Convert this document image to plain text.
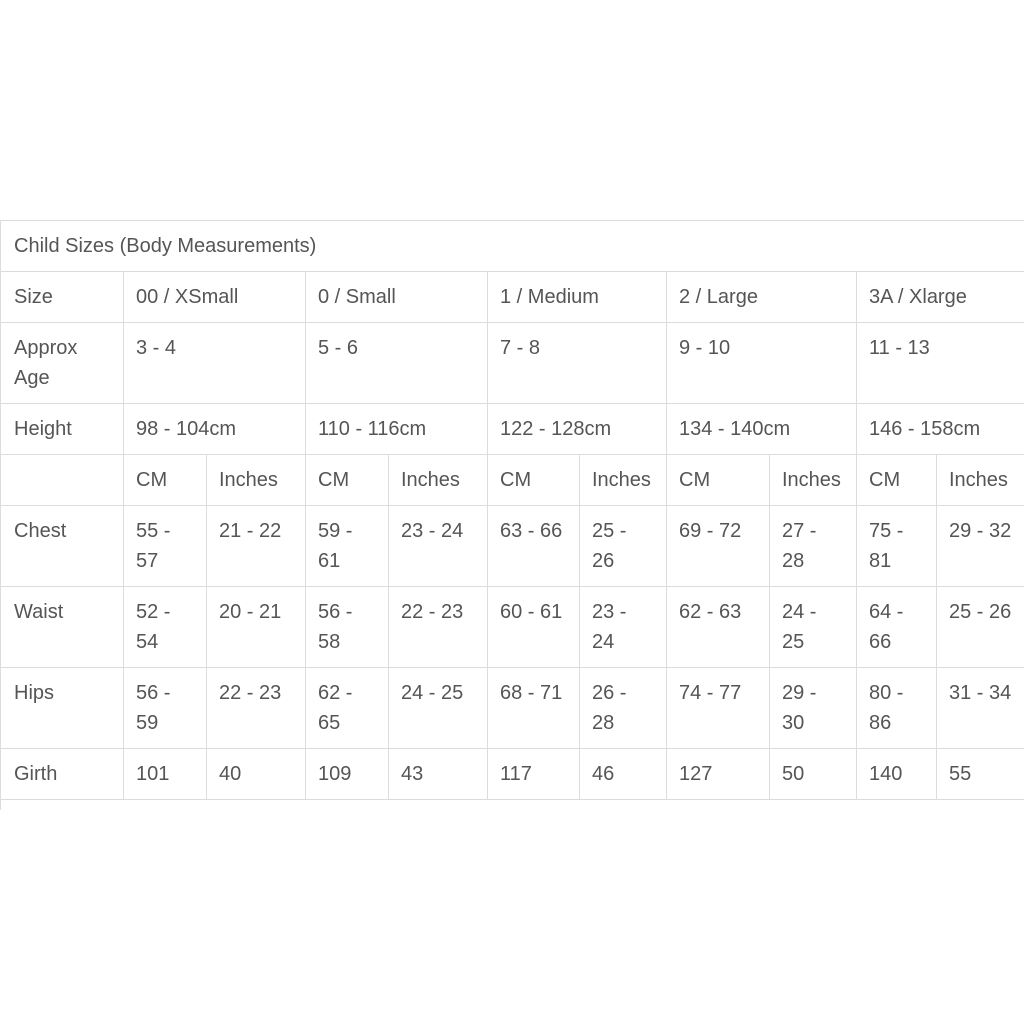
Child Sizes (Body Measurements)										
Size	00 / XSmall		0 / Small		1 / Medium		2 / Large		3A / Xlarge	
Approx Age	3 - 4		5 - 6		7 - 8		9 - 10		11 - 13	
Height	98 - 104cm		110 - 116cm		122 - 128cm		134 - 140cm		146 - 158cm	
	CM	Inches	CM	Inches	CM	Inches	CM	Inches	CM	Inches
Chest	55 - 57	21 - 22	59 - 61	23 - 24	63 - 66	25 - 26	69 - 72	27 - 28	75 - 81	29 - 32
Waist	52 - 54	20 - 21	56 - 58	22 - 23	60 - 61	23 - 24	62 - 63	24 - 25	64 - 66	25 - 26
Hips	56 - 59	22 - 23	62 - 65	24 - 25	68 - 71	26 - 28	74 - 77	29 - 30	80 - 86	31 - 34
Girth	101	40	109	43	117	46	127	50	140	55
